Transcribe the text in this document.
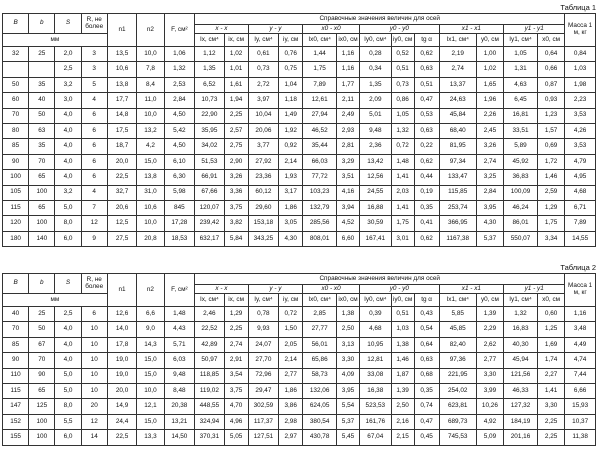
Таблица 1
B	b	S	R, не более	n1	n2	F, см²	Справочные значения величин для осей													Масса 1 м, кг
							x - x		y - y		x0 - x0		y0 - y0			x1 - x1		y1 - y1		
мм							Ix, см⁴	ix, см	Iy, см⁴	iy, см	Ix0, см⁴	ix0, см	Iy0, см⁴	iy0, см	tg α	Ix1, см⁴	y0, см	Iy1, см⁴	x0, см	
32	25	2,0	3	13,5	10,0	1,06	1,12	1,02	0,61	0,76	1,44	1,16	0,28	0,52	0,62	2,19	1,00	1,05	0,64	0,84
		2,5	3	10,6	7,8	1,32	1,35	1,01	0,73	0,75	1,75	1,16	0,34	0,51	0,63	2,74	1,02	1,31	0,66	1,03
50	35	3,2	5	13,8	8,4	2,53	6,52	1,61	2,72	1,04	7,89	1,77	1,35	0,73	0,51	13,37	1,65	4,63	0,87	1,98
60	40	3,0	4	17,7	11,0	2,84	10,73	1,94	3,97	1,18	12,61	2,11	2,09	0,86	0,47	24,63	1,96	6,45	0,93	2,23
70	50	4,0	6	14,8	10,0	4,50	22,90	2,25	10,04	1,49	27,94	2,49	5,01	1,05	0,53	45,84	2,26	16,81	1,23	3,53
80	63	4,0	6	17,5	13,2	5,42	35,95	2,57	20,06	1,92	46,52	2,93	9,48	1,32	0,63	68,40	2,45	33,51	1,57	4,26
85	35	4,0	6	18,7	4,2	4,50	34,02	2,75	3,77	0,92	35,44	2,81	2,36	0,72	0,22	81,95	3,26	5,89	0,69	3,53
90	70	4,0	6	20,0	15,0	6,10	51,53	2,90	27,92	2,14	66,03	3,29	13,42	1,48	0,62	97,34	2,74	45,92	1,72	4,79
100	65	4,0	6	22,5	13,8	6,30	66,91	3,26	23,36	1,93	77,72	3,51	12,56	1,41	0,44	133,47	3,25	36,83	1,46	4,95
105	100	3,2	4	32,7	31,0	5,98	67,66	3,36	60,12	3,17	103,23	4,16	24,55	2,03	0,19	115,85	2,84	100,09	2,59	4,68
115	65	5,0	7	20,6	10,6	845	120,07	3,75	29,60	1,86	132,79	3,94	16,88	1,41	0,35	253,74	3,95	46,24	1,29	6,71
120	100	8,0	12	12,5	10,0	17,28	239,42	3,82	153,18	3,05	285,56	4,52	30,59	1,75	0,41	366,95	4,30	86,01	1,75	7,89
180	140	6,0	9	27,5	20,8	18,53	632,17	5,84	343,25	4,30	808,01	6,60	167,41	3,01	0,62	1167,38	5,37	550,07	3,34	14,55
Таблица 2
B	b	S	R, не более	n1	n2	F, см²	Справочные значения величин для осей													Масса 1 м, кг
							x - x		y - y		x0 - x0		y0 - y0			x1 - x1		y1 - y1		
мм							Ix, см⁴	ix, см	Iy, см⁴	iy, см	Ix0, см⁴	ix0, см	Iy0, см⁴	iy0, см	tg α	Ix1, см⁴	y0, см	Iy1, см⁴	x0, см	
40	25	2,5	6	12,6	6,6	1,48	2,46	1,29	0,78	0,72	2,85	1,38	0,39	0,51	0,43	5,85	1,39	1,32	0,60	1,16
70	50	4,0	10	14,0	9,0	4,43	22,52	2,25	9,93	1,50	27,77	2,50	4,68	1,03	0,54	45,85	2,29	16,83	1,25	3,48
85	67	4,0	10	17,8	14,3	5,71	42,89	2,74	24,07	2,05	56,01	3,13	10,95	1,38	0,64	82,40	2,62	40,30	1,69	4,49
90	70	4,0	10	19,0	15,0	6,03	50,97	2,91	27,70	2,14	65,86	3,30	12,81	1,46	0,63	97,36	2,77	45,94	1,74	4,74
110	90	5,0	10	19,0	15,0	9,48	118,85	3,54	72,96	2,77	58,73	4,09	33,08	1,87	0,68	221,95	3,30	121,56	2,27	7,44
115	65	5,0	10	20,0	10,0	8,48	119,02	3,75	29,47	1,86	132,06	3,95	16,38	1,39	0,35	254,02	3,99	46,33	1,41	6,66
147	125	8,0	20	14,9	12,1	20,38	448,55	4,70	302,59	3,86	624,05	5,54	523,53	2,50	0,74	623,81	10,26	127,32	3,30	15,93
152	100	5,5	12	24,4	15,0	13,21	324,94	4,96	117,37	2,98	380,54	5,37	161,76	2,16	0,47	689,73	4,92	184,19	2,25	10,37
155	100	6,0	14	22,5	13,3	14,50	370,31	5,05	127,51	2,97	430,78	5,45	67,04	2,15	0,45	745,53	5,09	201,16	2,25	11,38
